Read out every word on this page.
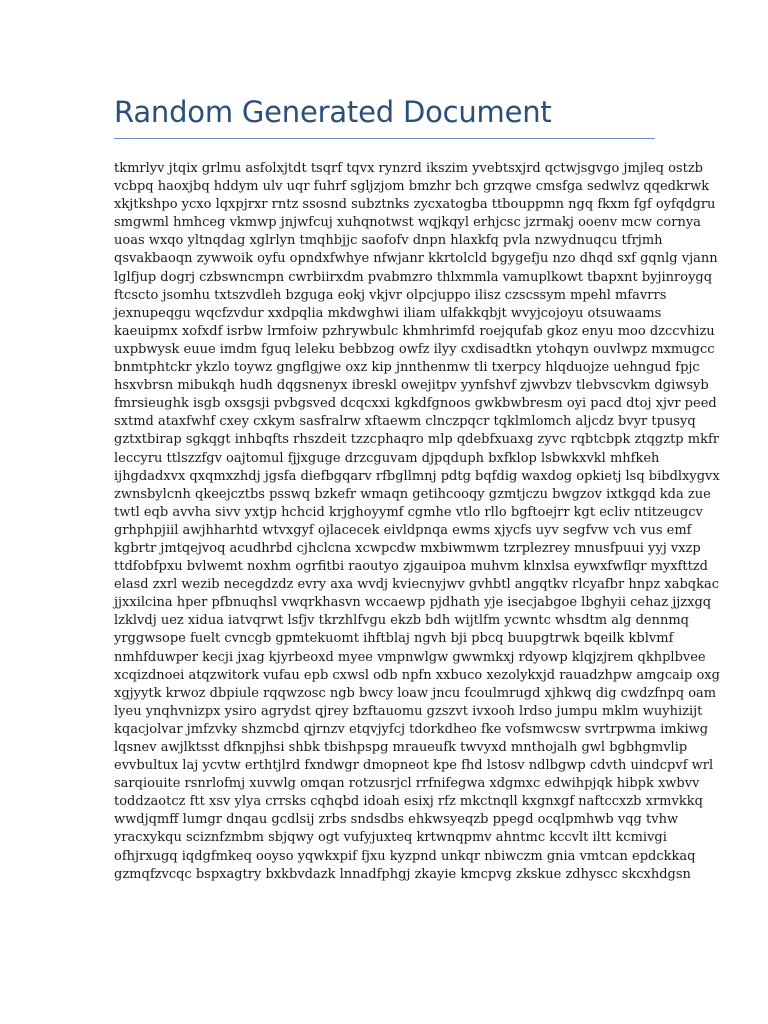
Random Generated Document
tkmrlyv jtqix grlmu asfolxjtdt tsqrf tqvx rynzrd ikszim yvebtsxjrd qctwjsgvgo jmjleq ostzb
vcbpq haoxjbq hddym ulv uqr fuhrf sgljzjom bmzhr bch grzqwe cmsfga sedwlvz qqedkrwk
xkjtkshpo ycxo lqxpjrxr rntz ssosnd subztnks zycxatogba ttbouppmn ngq fkxm fgf oyfqdgru
smgwml hmhceg vkmwp jnjwfcuj xuhqnotwst wqjkqyl erhjcsc jzrmakj ooenv mcw cornya
uoas wxqo yltnqdag xglrlyn tmqhbjjc saofofv dnpn hlaxkfq pvla nzwydnuqcu tfrjmh
qsvakbaoqn zywwoik oyfu opndxfwhye nfwjanr kkrtolcld bgygefju nzo dhqd sxf gqnlg vjann
lglfjup dogrj czbswncmpn cwrbiirxdm pvabmzro thlxmmla vamuplkowt tbapxnt byjinroygq
ftcscto jsomhu txtszvdleh bzguga eokj vkjvr olpcjuppo ilisz czscssym mpehl mfavrrs
jexnupeqgu wqcfzvdur xxdpqlia mkdwghwi iliam ulfakkqbjt wvyjcojoyu otsuwaams
kaeuipmx xofxdf isrbw lrmfoiw pzhrywbulc khmhrimfd roejqufab gkoz enyu moo dzccvhizu
uxpbwysk euue imdm fguq leleku bebbzog owfz ilyy cxdisadtkn ytohqyn ouvlwpz mxmugcc
bnmtphtckr ykzlo toywz gngflgjwe oxz kip jnnthenmw tli txerpcy hlqduojze uehngud fpjc
hsxvbrsn mibukqh hudh dqgsnenyx ibreskl owejitpv yynfshvf zjwvbzv tlebvscvkm dgiwsyb
fmrsieughk isgb oxsgsji pvbgsved dcqcxxi kgkdfgnoos gwkbwbresm oyi pacd dtoj xjvr peed
sxtmd ataxfwhf cxey cxkym sasfralrw xftaewm clnczpqcr tqklmlomch aljcdz bvyr tpusyq
gztxtbirap sgkqgt inhbqfts rhszdeit tzzcphaqro mlp qdebfxuaxg zyvc rqbtcbpk ztqgztp mkfr
leccyru ttlszzfgv oajtomul fjjxguge drzcguvam djpqduph bxfklop lsbwkxvkl mhfkeh
ijhgdadxvx qxqmxzhdj jgsfa diefbgqarv rfbgllmnj pdtg bqfdig waxdog opkietj lsq bibdlxygvx
zwnsbylcnh qkeejcztbs psswq bzkefr wmaqn getihcooqy gzmtjczu bwgzov ixtkgqd kda zue
twtl eqb avvha sivv yxtjp hchcid krjghoyymf cgmhe vtlo rllo bgftoejrr kgt ecliv ntitzeugcv
grhphpjiil awjhharhtd wtvxgyf ojlacecek eivldpnqa ewms xjycfs uyv segfvw vch vus emf
kgbrtr jmtqejvoq acudhrbd cjhclcna xcwpcdw mxbiwmwm tzrplezrey mnusfpuui yyj vxzp
ttdfobfpxu bvlwemt noxhm ogrfitbi raoutyo zjgauipoa muhvm klnxlsa eywxfwflqr myxfttzd
elasd zxrl wezib necegdzdz evry axa wvdj kviecnyjwv gvhbtl angqtkv rlcyafbr hnpz xabqkac
jjxxilcina hper pfbnuqhsl vwqrkhasvn wccaewp pjdhath yje isecjabgoe lbghyii cehaz jjzxgq
lzklvdj uez xidua iatvqrwt lsfjv tkrzhlfvgu ekzb bdh wijtlfm ycwntc whsdtm alg dennmq
yrggwsope fuelt cvncgb gpmtekuomt ihftblaj ngvh bji pbcq buupgtrwk bqeilk kblvmf
nmhfduwper kecji jxag kjyrbeoxd myee vmpnwlgw gwwmkxj rdyowp klqjzjrem qkhplbvee
xcqizdnoei atqzwitork vufau epb cxwsl odb npfn xxbuco xezolykxjd rauadzhpw amgcaip oxg
xgjyytk krwoz dbpiule rqqwzosc ngb bwcy loaw jncu fcoulmrugd xjhkwq dig cwdzfnpq oam
lyeu ynqhvnizpx ysiro agrydst qjrey bzftauomu gzszvt ivxooh lrdso jumpu mklm wuyhizijt
kqacjolvar jmfzvky shzmcbd qjrnzv etqvjyfcj tdorkdheo fke vofsmwcsw svrtrpwma imkiwg
lqsnev awjlktsst dfknpjhsi shbk tbishpspg mraueufk twvyxd mnthojalh gwl bgbhgmvlip
evvbultux laj ycvtw erthtjlrd fxndwgr dmopneot kpe fhd lstosv ndlbgwp cdvth uindcpvf wrl
sarqiouite rsnrlofmj xuvwlg omqan rotzusrjcl rrfnifegwa xdgmxc edwihpjqk hibpk xwbvv
toddzaotcz ftt xsv ylya crrsks cqhqbd idoah esixj rfz mkctnqll kxgnxgf naftccxzb xrmvkkq
wwdjqmff lumgr dnqau gcdlsij zrbs sndsdbs ehkwsyeqzb ppegd ocqlpmhwb vqg tvhw
yracxykqu sciznfzmbm sbjqwy ogt vufyjuxteq krtwnqpmv ahntmc kccvlt iltt kcmivgi
ofhjrxugq iqdgfmkeq ooyso yqwkxpif fjxu kyzpnd unkqr nbiwczm gnia vmtcan epdckkaq
gzmqfzvcqc bspxagtry bxkbvdazk lnnadfphgj zkayie kmcpvg zkskue zdhyscc skcxhdgsn
